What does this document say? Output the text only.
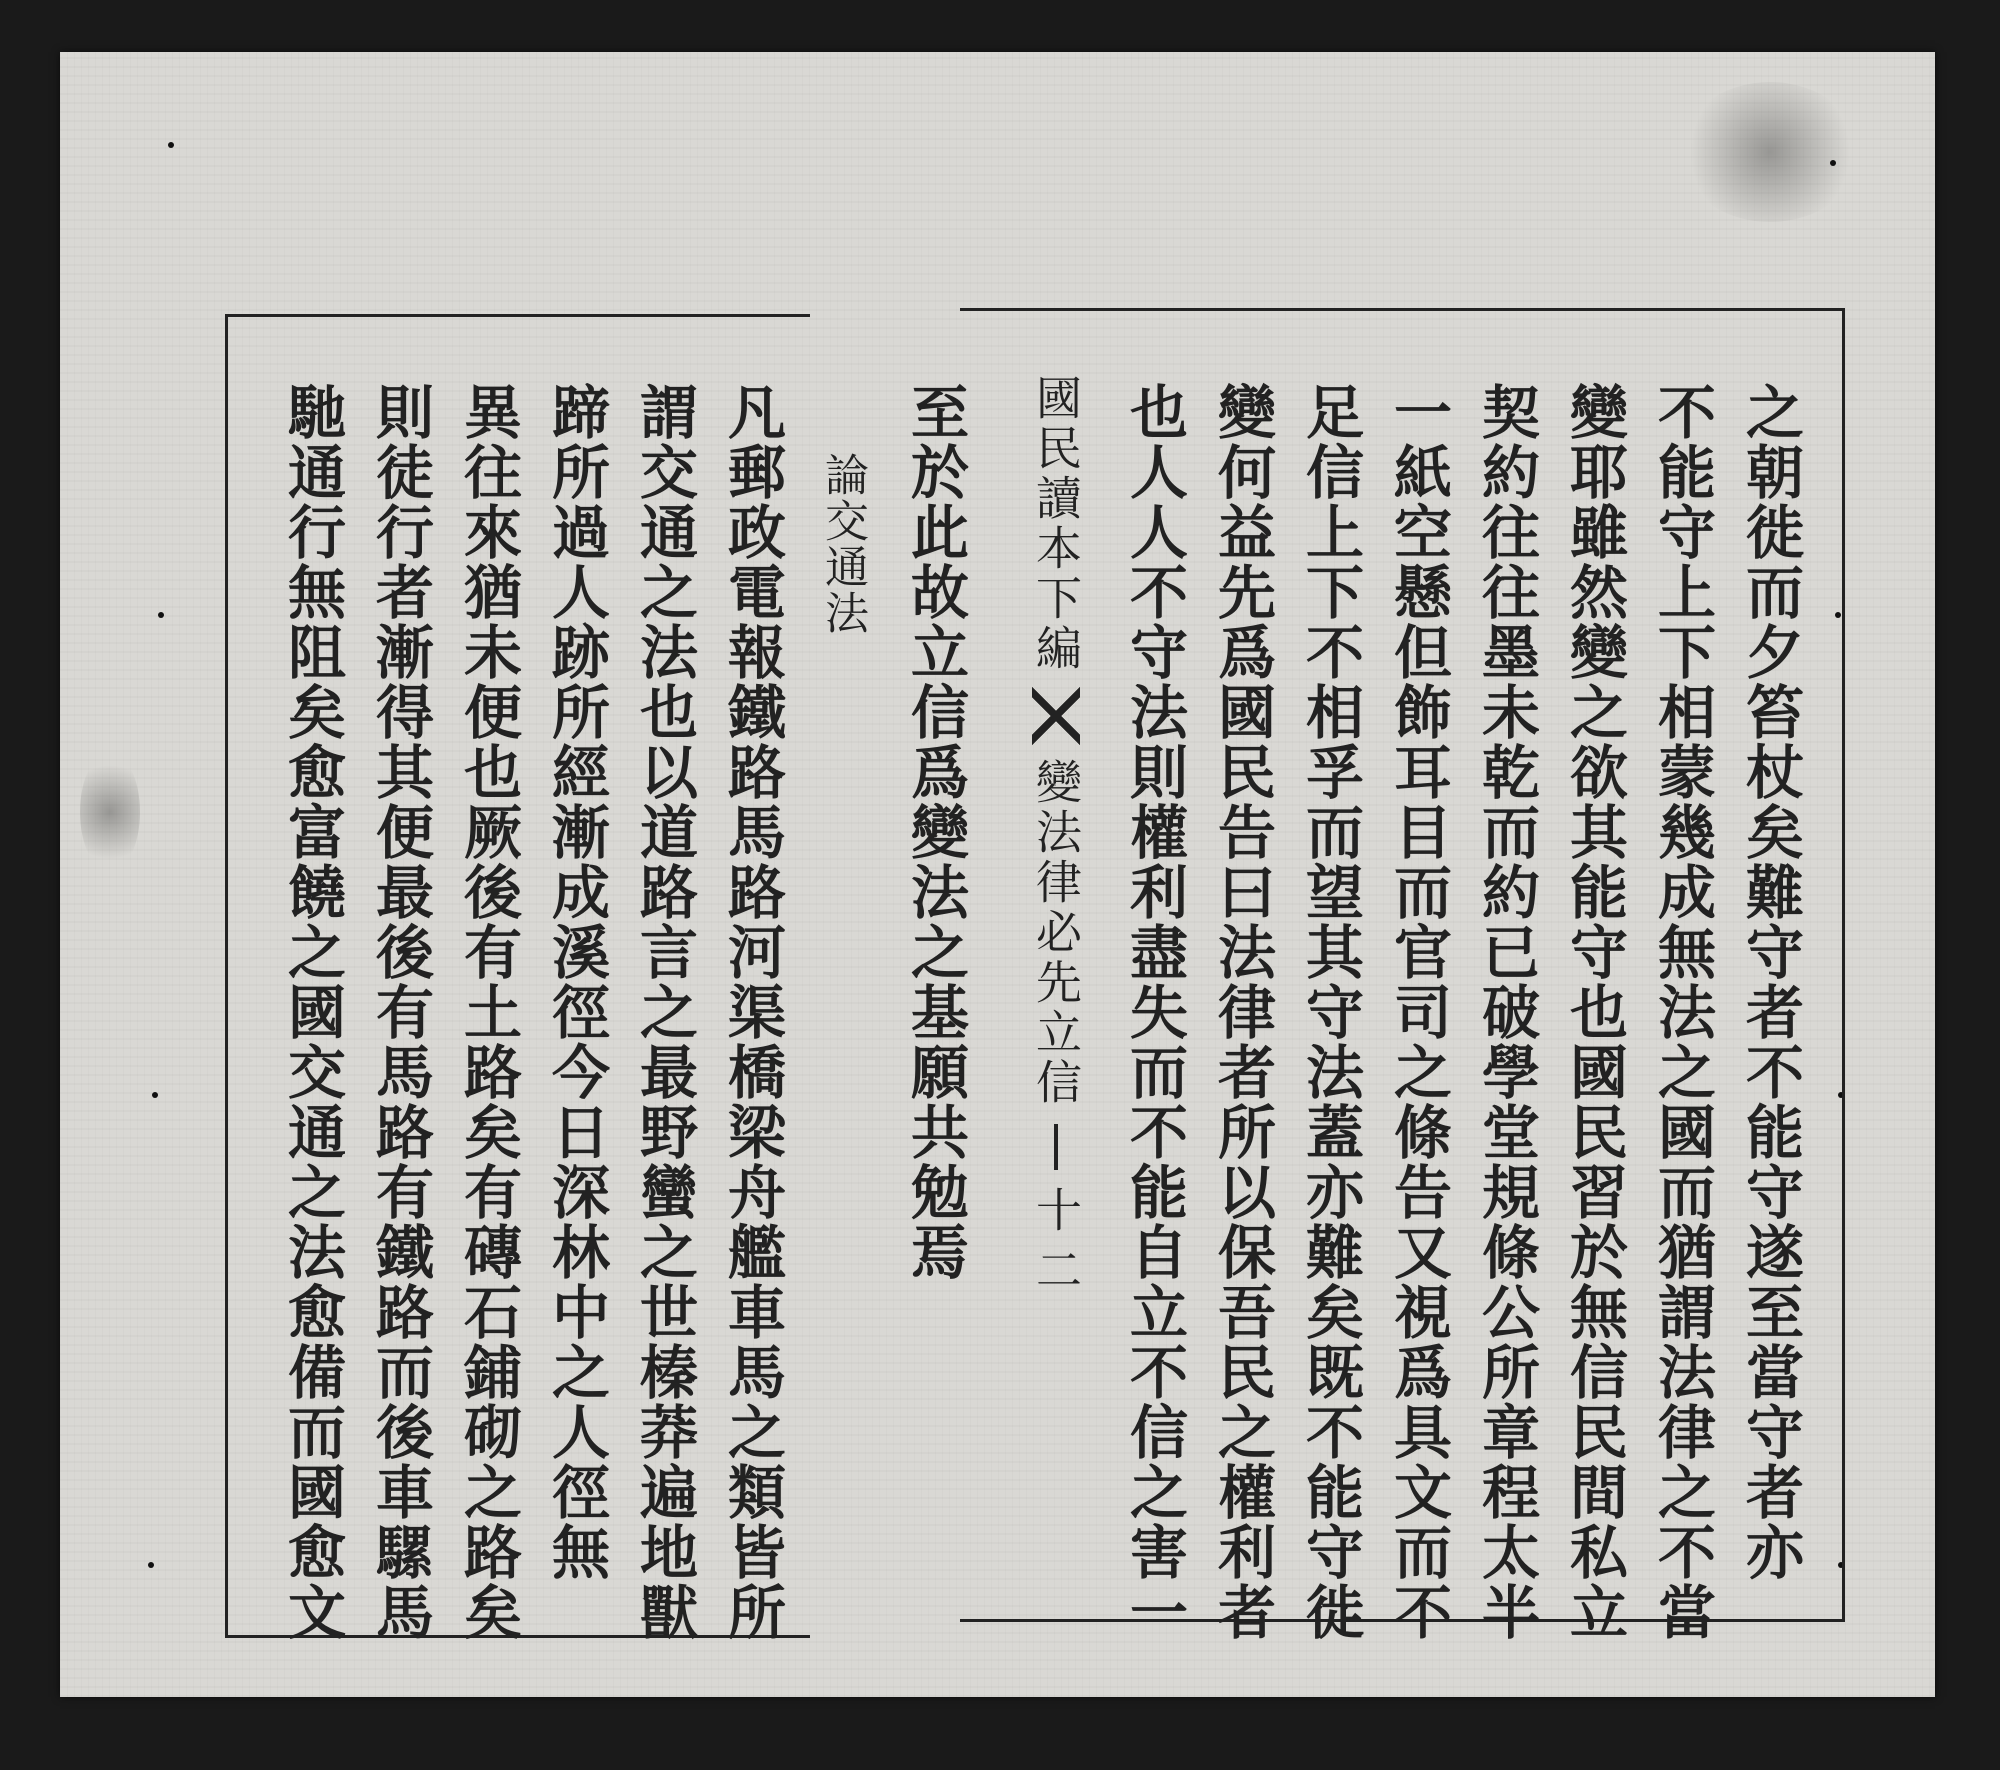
之朝徙而夕笞杖矣難守者不能守遂至當守者亦
不能守上下相蒙幾成無法之國而猶謂法律之不當
變耶雖然變之欲其能守也國民習於無信民間私立
契約往往墨未乾而約已破學堂規條公所章程太半
一紙空懸但飾耳目而官司之條告又視爲具文而不
足信上下不相孚而望其守法蓋亦難矣既不能守徙
變何益先爲國民告曰法律者所以保吾民之權利者
也人人不守法則權利盡失而不能自立不信之害一
國民讀本下編
變法律必先立信
十二
至於此故立信爲變法之基願共勉焉
論交通法
凡郵政電報鐵路馬路河渠橋梁舟艦車馬之類皆所
謂交通之法也以道路言之最野蠻之世榛莽遍地獸
蹄所過人跡所經漸成溪徑今日深林中之人徑無
異往來猶未便也厥後有土路矣有磚石鋪砌之路矣
則徒行者漸得其便最後有馬路有鐵路而後車騾馬
馳通行無阻矣愈富饒之國交通之法愈備而國愈文
